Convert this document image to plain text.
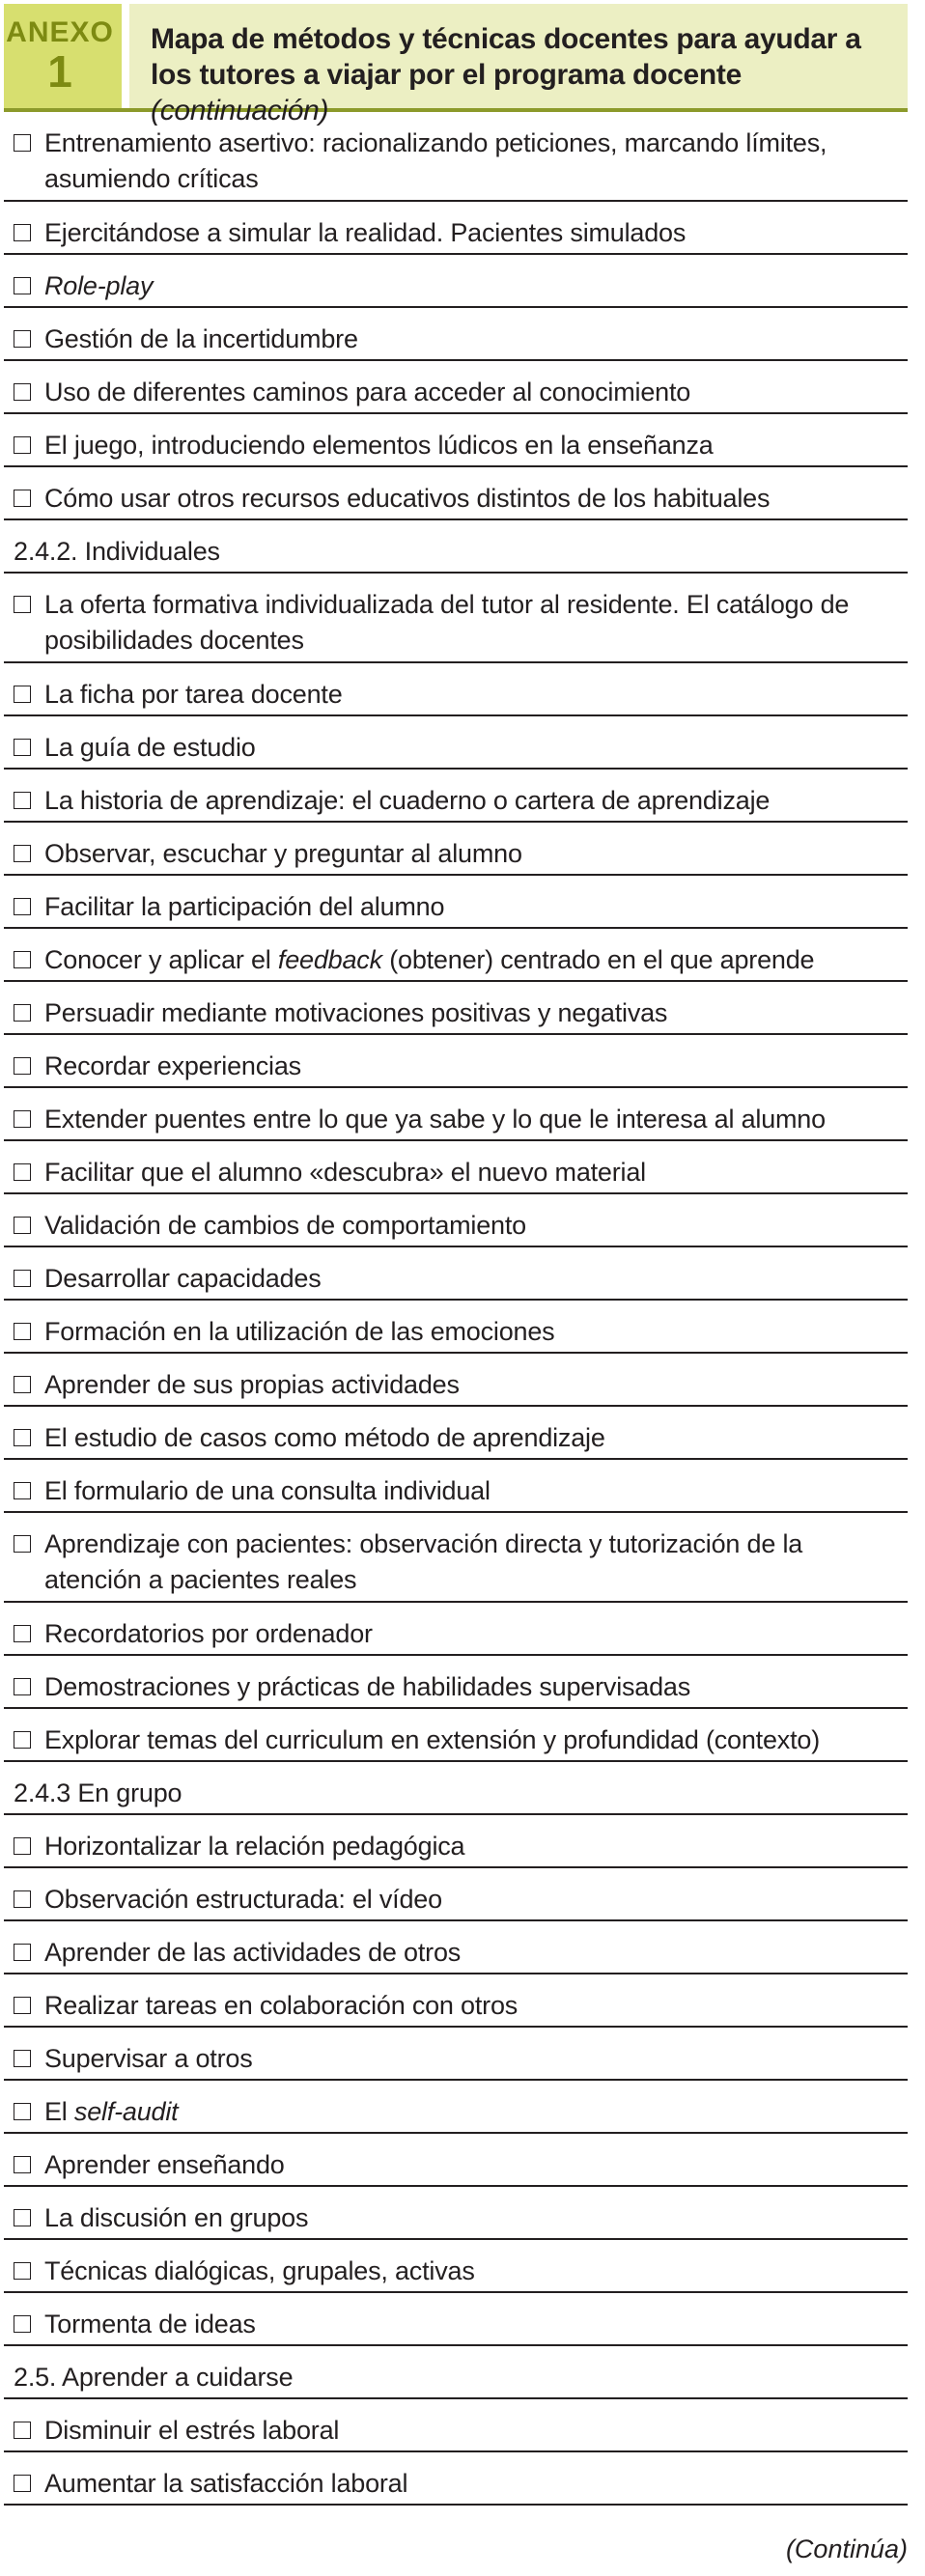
ANEXO
1
Mapa de métodos y técnicas docentes para ayudar a los tutores a viajar por el programa docente (continuación)
Entrenamiento asertivo: racionalizando peticiones, marcando límites, asumiendo críticas
Ejercitándose a simular la realidad. Pacientes simulados
Role-play
Gestión de la incertidumbre
Uso de diferentes caminos para acceder al conocimiento
El juego, introduciendo elementos lúdicos en la enseñanza
Cómo usar otros recursos educativos distintos de los habituales
2.4.2. Individuales
La oferta formativa individualizada del tutor al residente. El catálogo de posibilidades docentes
La ficha por tarea docente
La guía de estudio
La historia de aprendizaje: el cuaderno o cartera de aprendizaje
Observar, escuchar y preguntar al alumno
Facilitar la participación del alumno
Conocer y aplicar el feedback (obtener) centrado en el que aprende
Persuadir mediante motivaciones positivas y negativas
Recordar experiencias
Extender puentes entre lo que ya sabe y lo que le interesa al alumno
Facilitar que el alumno «descubra» el nuevo material
Validación de cambios de comportamiento
Desarrollar capacidades
Formación en la utilización de las emociones
Aprender de sus propias actividades
El estudio de casos como método de aprendizaje
El formulario de una consulta individual
Aprendizaje con pacientes: observación directa y tutorización de la atención a pacientes reales
Recordatorios por ordenador
Demostraciones y prácticas de habilidades supervisadas
Explorar temas del curriculum en extensión y profundidad (contexto)
2.4.3 En grupo
Horizontalizar la relación pedagógica
Observación estructurada: el vídeo
Aprender de las actividades de otros
Realizar tareas en colaboración con otros
Supervisar a otros
El self-audit
Aprender enseñando
La discusión en grupos
Técnicas dialógicas, grupales, activas
Tormenta de ideas
2.5. Aprender a cuidarse
Disminuir el estrés laboral
Aumentar la satisfacción laboral
(Continúa)
